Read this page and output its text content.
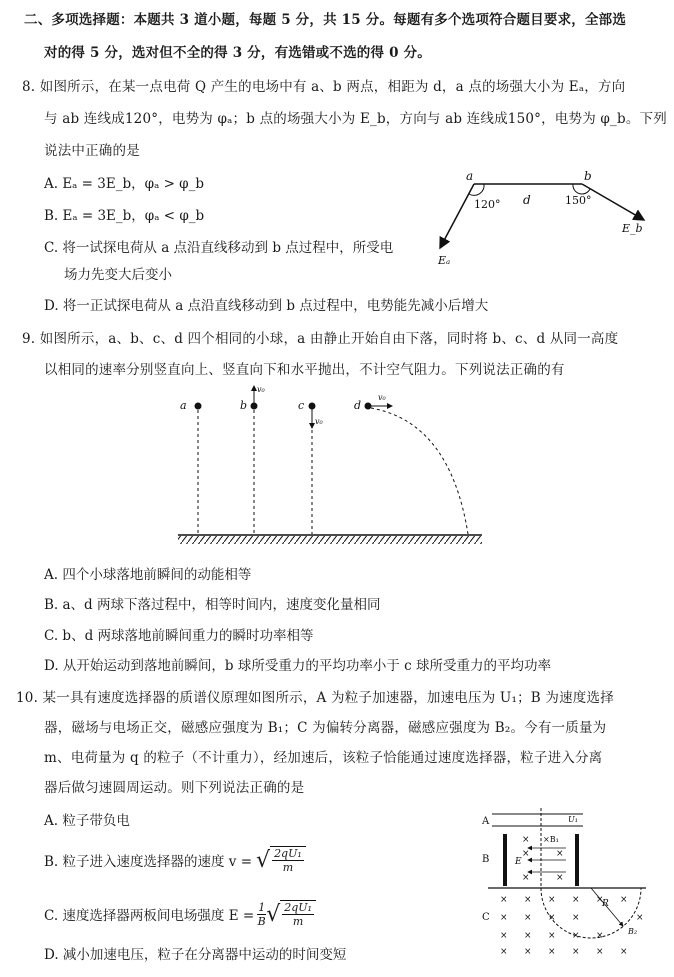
二、多项选择题：本题共 3 道小题，每题 5 分，共 15 分。每题有多个选项符合题目要求，全部选
对的得 5 分，选对但不全的得 3 分，有选错或不选的得 0 分。
8. 如图所示，在某一点电荷 Q 产生的电场中有 a、b 两点，相距为 d，a 点的场强大小为 Eₐ，方向
与 ab 连线成120°，电势为 φₐ；b 点的场强大小为 E_b，方向与 ab 连线成150°，电势为 φ_b。下列
说法中正确的是
A. Eₐ = 3E_b，φₐ > φ_b
B. Eₐ = 3E_b，φₐ < φ_b
C. 将一试探电荷从 a 点沿直线移动到 b 点过程中，所受电
场力先变大后变小
D. 将一正试探电荷从 a 点沿直线移动到 b 点过程中，电势能先减小后增大
a	b
120° d	150°
Eₐ
E_b
9. 如图所示，a、b、c、d 四个相同的小球，a 由静止开始自由下落，同时将 b、c、d 从同一高度
以相同的速率分别竖直向上、竖直向下和水平抛出，不计空气阻力。下列说法正确的有
a	b
v₀
c
v₀
d
v₀
A. 四个小球落地前瞬间的动能相等
B. a、d 两球下落过程中，相等时间内，速度变化量相同
C. b、d 两球落地前瞬间重力的瞬时功率相等
D. 从开始运动到落地前瞬间，b 球所受重力的平均功率小于 c 球所受重力的平均功率
10. 某一具有速度选择器的质谱仪原理如图所示，A 为粒子加速器，加速电压为 U₁；B 为速度选择
器，磁场与电场正交，磁感应强度为 B₁；C 为偏转分离器，磁感应强度为 B₂。今有一质量为
m、电荷量为 q 的粒子（不计重力），经加速后，该粒子恰能通过速度选择器，粒子进入分离
器后做匀速圆周运动。则下列说法正确的是
A. 粒子带负电
B. 粒子进入速度选择器的速度 v = √ $\frac{\text{2qU₁}}{m}$
C. 速度选择器两板间电场强度 $E = \frac{1}{B}$ √ $\frac{\text{2qU₁}}{m}$
D. 减小加速电压，粒子在分离器中运动的时间变短
A	U₁
B
×B₁
E
×
×
×
×
×
C
R
B₂
× × × × × ×
× × × ×	×
× × × × ×
× × × × × ×
